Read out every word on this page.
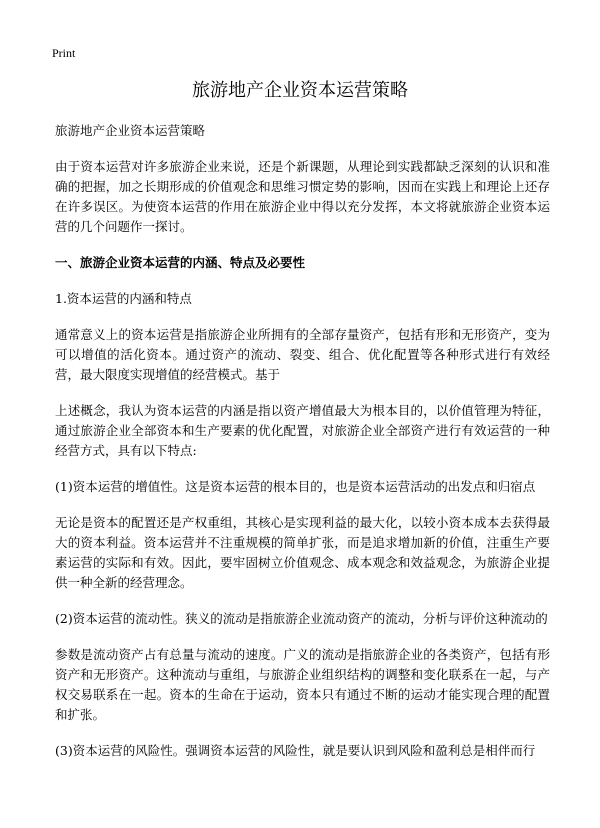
Print
旅游地产企业资本运营策略

旅游地产企业资本运营策略

由于资本运营对许多旅游企业来说，还是个新课题，从理论到实践都缺乏深刻的认识和准确的把握，加之长期形成的价值观念和思维习惯定势的影响，因而在实践上和理论上还存在许多误区。为使资本运营的作用在旅游企业中得以充分发挥，本文将就旅游企业资本运营的几个问题作一探讨。

一、旅游企业资本运营的内涵、特点及必要性

1.资本运营的内涵和特点

通常意义上的资本运营是指旅游企业所拥有的全部存量资产，包括有形和无形资产，变为可以增值的活化资本。通过资产的流动、裂变、组合、优化配置等各种形式进行有效经营，最大限度实现增值的经营模式。基于

上述概念，我认为资本运营的内涵是指以资产增值最大为根本目的，以价值管理为特征，通过旅游企业全部资本和生产要素的优化配置，对旅游企业全部资产进行有效运营的一种经营方式，具有以下特点:

(1)资本运营的增值性。这是资本运营的根本目的，也是资本运营活动的出发点和归宿点

无论是资本的配置还是产权重组，其核心是实现利益的最大化，以较小资本成本去获得最大的资本利益。资本运营并不注重规模的简单扩张，而是追求增加新的价值，注重生产要素运营的实际和有效。因此，要牢固树立价值观念、成本观念和效益观念，为旅游企业提供一种全新的经营理念。

(2)资本运营的流动性。狭义的流动是指旅游企业流动资产的流动，分析与评价这种流动的

参数是流动资产占有总量与流动的速度。广义的流动是指旅游企业的各类资产，包括有形资产和无形资产。这种流动与重组，与旅游企业组织结构的调整和变化联系在一起，与产权交易联系在一起。资本的生命在于运动，资本只有通过不断的运动才能实现合理的配置和扩张。

(3)资本运营的风险性。强调资本运营的风险性，就是要认识到风险和盈利总是相伴而行
